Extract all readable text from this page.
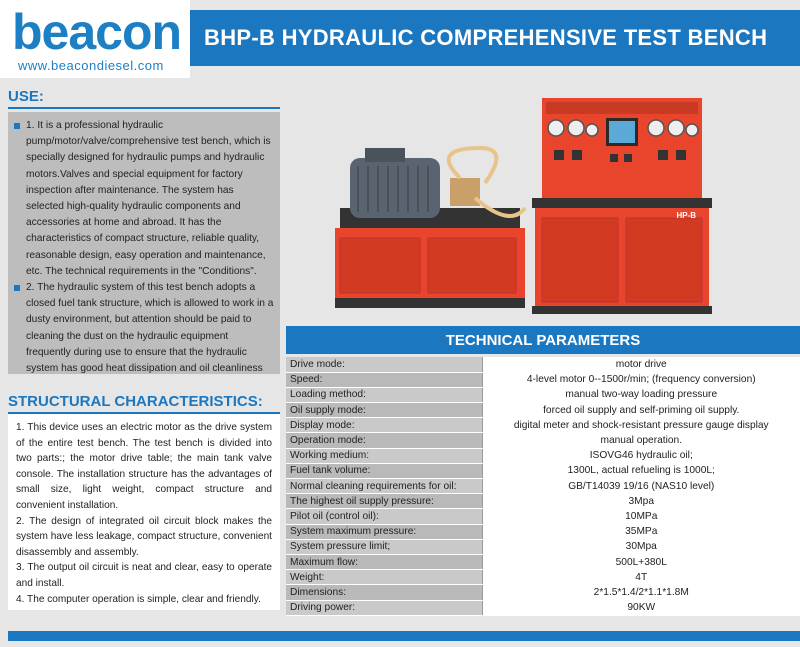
beacon
www.beacondiesel.com
BHP-B HYDRAULIC COMPREHENSIVE TEST BENCH
USE:
1. It is a professional hydraulic pump/motor/valve/comprehensive test bench, which is specially designed for hydraulic pumps and hydraulic motors.Valves and special equipment for factory inspection after maintenance. The system has selected high-quality hydraulic components and accessories at home and abroad. It has the characteristics of compact structure, reliable quality, reasonable design, easy operation and maintenance, etc. The technical requirements in the "Conditions".
2. The hydraulic system of this test bench adopts a closed fuel tank structure, which is allowed to work in a dusty environment, but attention should be paid to cleaning the dust on the hydraulic equipment frequently during use to ensure that the hydraulic system has good heat dissipation and oil cleanliness
STRUCTURAL CHARACTERISTICS:

1. This device uses an electric motor as the drive system of the entire test bench. The test bench is divided into two parts:; the motor drive table; the main tank valve console. The installation structure has the advantages of small size, light weight, compact structure and convenient installation.

2. The design of integrated oil circuit block makes the system have less leakage, compact structure, convenient disassembly and assembly.

3. The output oil circuit is neat and clear, easy to operate and install.

4. The computer operation is simple, clear and friendly.

HP-B
TECHNICAL PARAMETERS
Drive mode:	motor drive
Speed:	4-level motor 0--1500r/min; (frequency conversion)
Loading method:	manual two-way loading pressure
Oil supply mode:	forced oil supply and self-priming oil supply.
Display mode:	digital meter and shock-resistant pressure gauge display
Operation mode:	manual operation.
Working medium:	ISOVG46 hydraulic oil;
Fuel tank volume:	1300L, actual refueling is 1000L;
Normal cleaning requirements for oil:	GB/T14039 19/16 (NAS10 level)
The highest oil supply pressure:	3Mpa
Pilot oil (control oil):	10MPa
System maximum pressure:	35MPa
System pressure limit;	30Mpa
Maximum flow:	500L+380L
Weight:	4T
Dimensions:	2*1.5*1.4/2*1.1*1.8M
Driving power:	90KW
